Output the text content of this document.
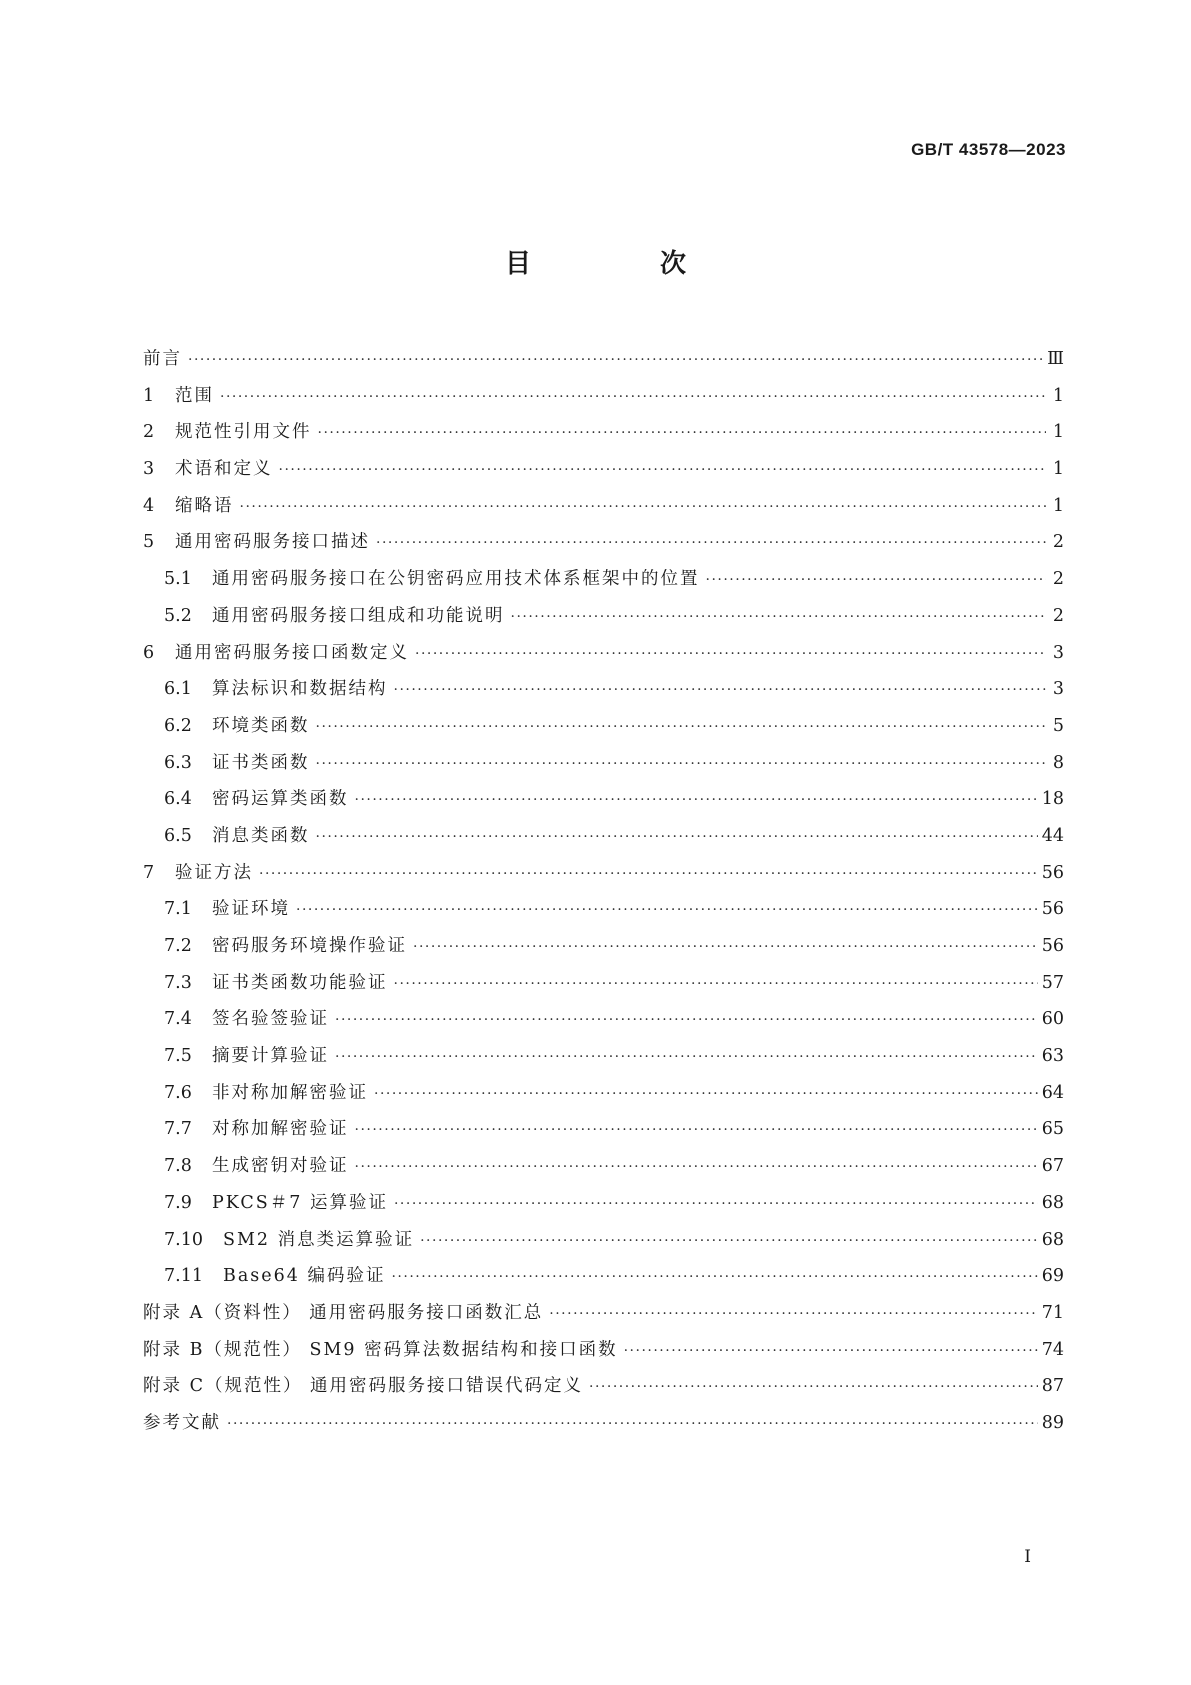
GB/T 43578—2023
目 次
前言 ·····	Ⅲ
1	范围 ·····	1
2	规范性引用文件 ·····	1
3	术语和定义 ·····	1
4	缩略语 ·····	1
5	通用密码服务接口描述 ·····	2
5.1	通用密码服务接口在公钥密码应用技术体系框架中的位置 ·····	2
5.2	通用密码服务接口组成和功能说明 ·····	2
6	通用密码服务接口函数定义 ·····	3
6.1	算法标识和数据结构 ·····	3
6.2	环境类函数 ·····	5
6.3	证书类函数 ·····	8
6.4	密码运算类函数 ·····	18
6.5	消息类函数 ·····	44
7	验证方法 ·····	56
7.1	验证环境 ·····	56
7.2	密码服务环境操作验证 ·····	56
7.3	证书类函数功能验证 ·····	57
7.4	签名验签验证 ·····	60
7.5	摘要计算验证 ·····	63
7.6	非对称加解密验证 ·····	64
7.7	对称加解密验证 ·····	65
7.8	生成密钥对验证 ·····	67
7.9	PKCS＃7 运算验证 ·····	68
7.10	SM2 消息类运算验证 ·····	68
7.11	Base64 编码验证 ·····	69
附录 A（资料性） 通用密码服务接口函数汇总 ·····	71
附录 B（规范性） SM9 密码算法数据结构和接口函数 ·····	74
附录 C（规范性） 通用密码服务接口错误代码定义 ·····	87
参考文献 ·····	89
I
